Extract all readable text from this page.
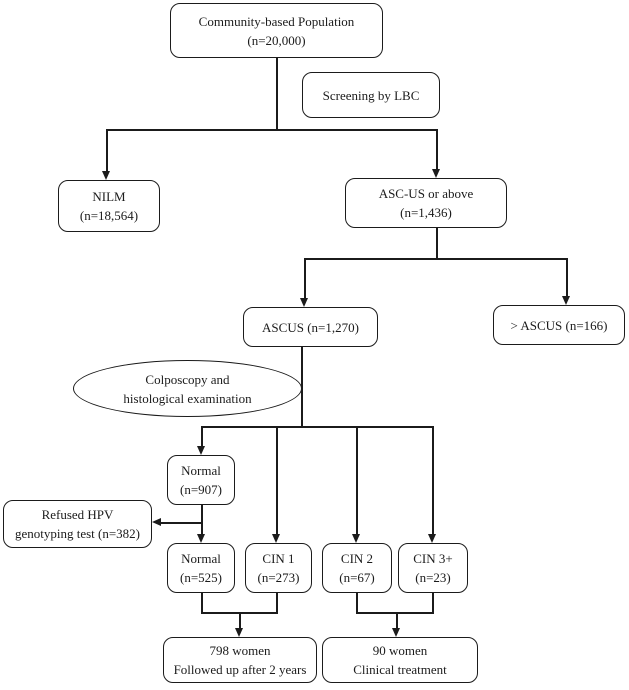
Community-based Population
(n=20,000)
Screening by LBC
NILM
(n=18,564)
ASC-US or above
(n=1,436)
ASCUS (n=1,270)	> ASCUS (n=166)
Colposcopy and
histological examination
Normal
(n=907)
Refused HPV
genotyping test (n=382)
Normal
(n=525)
CIN 1
(n=273)
CIN 2
(n=67)
CIN 3+
(n=23)
798 women
Followed up after 2 years
90 women
Clinical treatment
